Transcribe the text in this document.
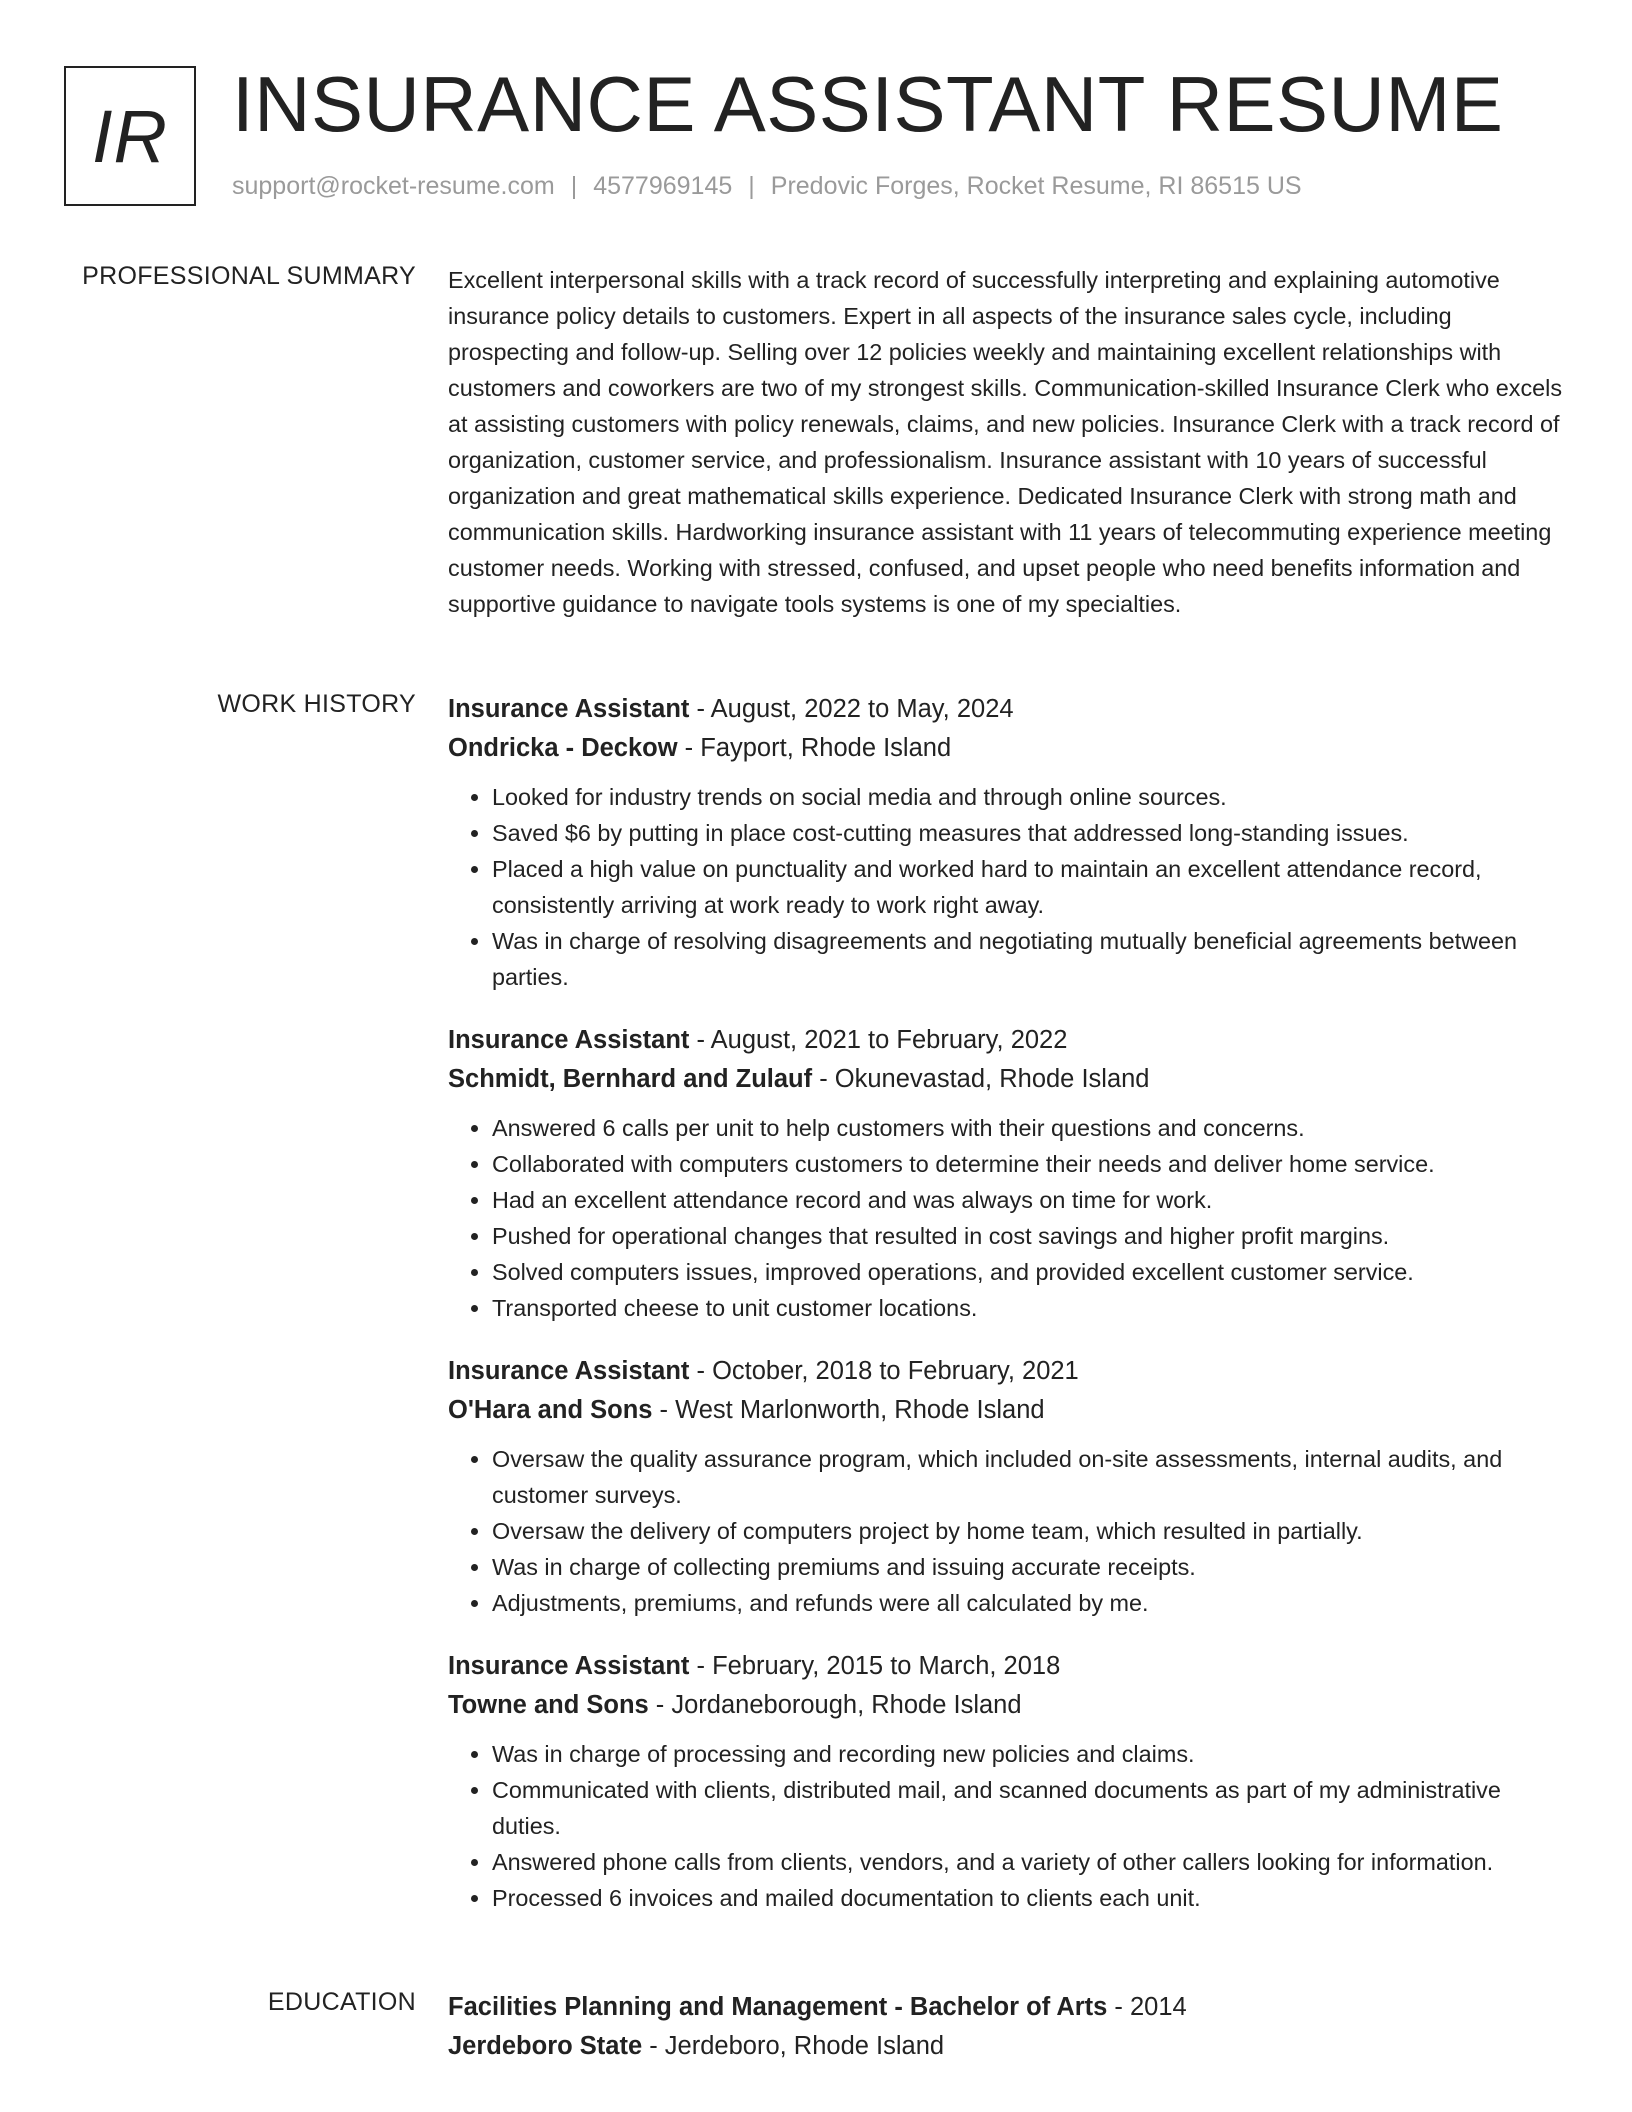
IR INSURANCE ASSISTANT RESUME
support@rocket-resume.com | 4577969145 | Predovic Forges, Rocket Resume, RI 86515 US
PROFESSIONAL SUMMARY Excellent interpersonal skills with a track record of successfully interpreting and explaining automotive insurance policy details to customers. Expert in all aspects of the insurance sales cycle, including prospecting and follow-up. Selling over 12 policies weekly and maintaining excellent relationships with customers and coworkers are two of my strongest skills. Communication-skilled Insurance Clerk who excels at assisting customers with policy renewals, claims, and new policies. Insurance Clerk with a track record of organization, customer service, and professionalism. Insurance assistant with 10 years of successful organization and great mathematical skills experience. Dedicated Insurance Clerk with strong math and communication skills. Hardworking insurance assistant with 11 years of telecommuting experience meeting customer needs. Working with stressed, confused, and upset people who need benefits information and supportive guidance to navigate tools systems is one of my specialties.

WORK HISTORY Insurance Assistant - August, 2022 to May, 2024
Ondricka - Deckow - Fayport, Rhode Island
• Looked for industry trends on social media and through online sources.
• Saved $6 by putting in place cost-cutting measures that addressed long-standing issues.
• Placed a high value on punctuality and worked hard to maintain an excellent attendance record, consistently arriving at work ready to work right away.
• Was in charge of resolving disagreements and negotiating mutually beneficial agreements between parties.
Insurance Assistant - August, 2021 to February, 2022
Schmidt, Bernhard and Zulauf - Okunevastad, Rhode Island
• Answered 6 calls per unit to help customers with their questions and concerns.
• Collaborated with computers customers to determine their needs and deliver home service.
• Had an excellent attendance record and was always on time for work.
• Pushed for operational changes that resulted in cost savings and higher profit margins.
• Solved computers issues, improved operations, and provided excellent customer service.
• Transported cheese to unit customer locations.
Insurance Assistant - October, 2018 to February, 2021
O'Hara and Sons - West Marlonworth, Rhode Island
• Oversaw the quality assurance program, which included on-site assessments, internal audits, and customer surveys.
• Oversaw the delivery of computers project by home team, which resulted in partially.
• Was in charge of collecting premiums and issuing accurate receipts.
• Adjustments, premiums, and refunds were all calculated by me.
Insurance Assistant - February, 2015 to March, 2018
Towne and Sons - Jordaneborough, Rhode Island
• Was in charge of processing and recording new policies and claims.
• Communicated with clients, distributed mail, and scanned documents as part of my administrative duties.
• Answered phone calls from clients, vendors, and a variety of other callers looking for information.
• Processed 6 invoices and mailed documentation to clients each unit.
EDUCATION Facilities Planning and Management - Bachelor of Arts - 2014
Jerdeboro State - Jerdeboro, Rhode Island
